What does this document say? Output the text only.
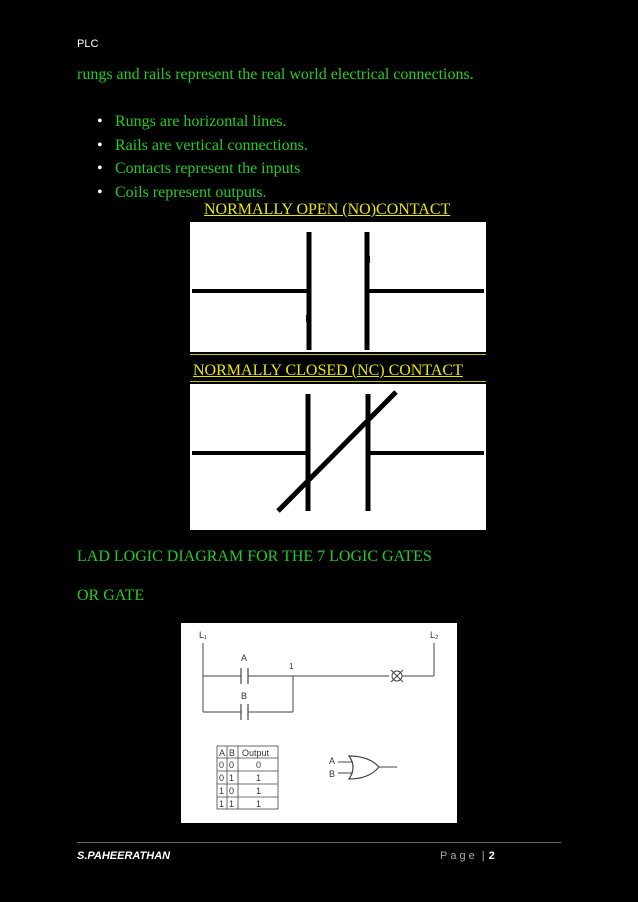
PLC
rungs and rails represent the real world electrical connections.
• Rungs are horizontal lines.
• Rails are vertical connections.
• Contacts represent the inputs
• Coils represent outputs.
NORMALLY OPEN (NO)CONTACT
NORMALLY CLOSED (NC) CONTACT
LAD LOGIC DIAGRAM FOR THE 7 LOGIC GATES
OR GATE
L₁	L₂
A
1
B
A B Output
0 0 0
0 1 1
1 0 1
1 1 1
A
B
S.PAHEERATHAN	Page | 2
